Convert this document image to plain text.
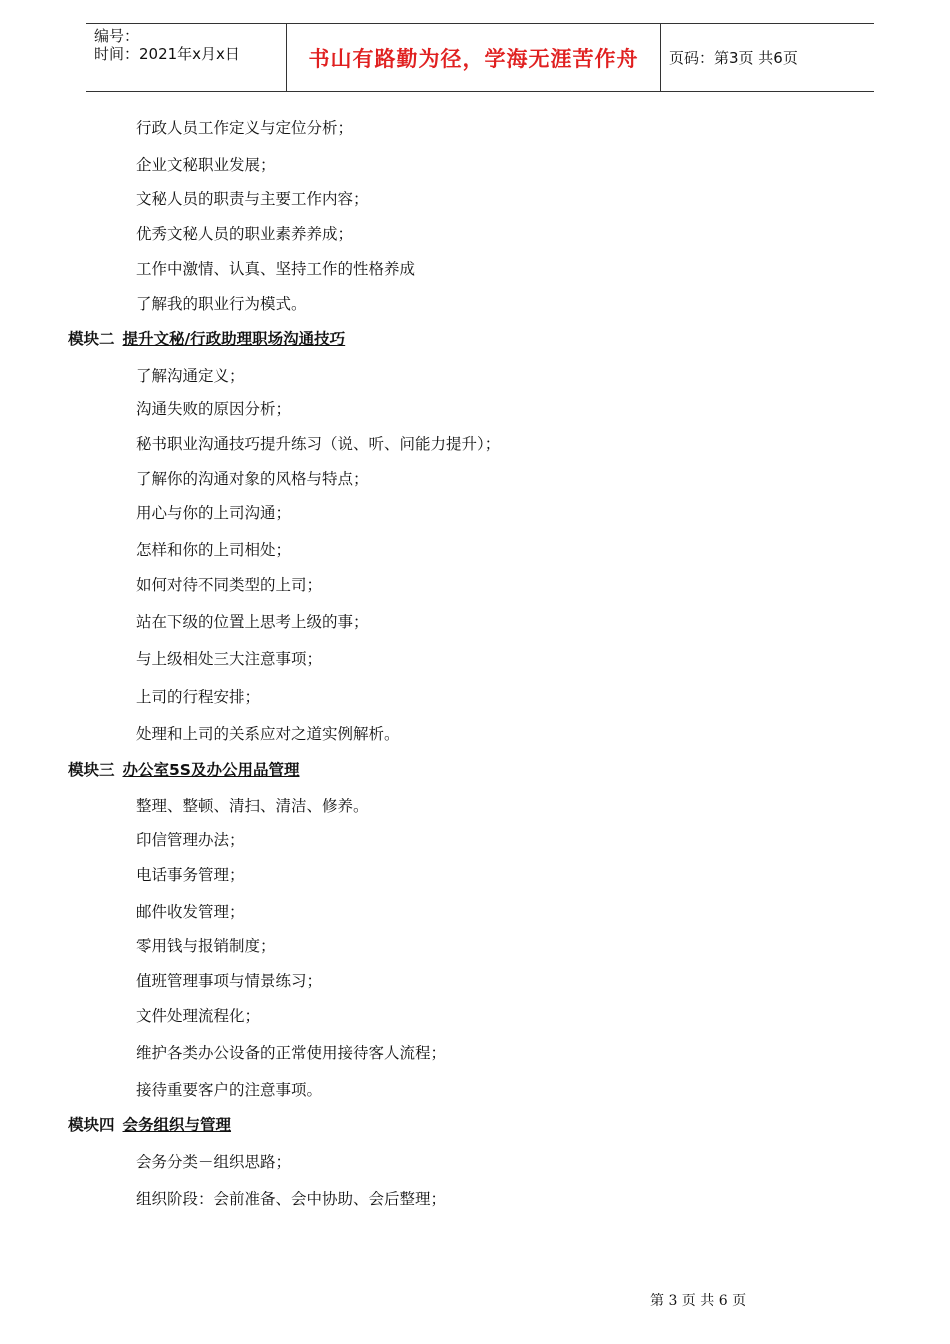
编号：
时间：2021年x月x日	书山有路勤为径，学海无涯苦作舟	页码：第3页 共6页
行政人员工作定义与定位分析；
企业文秘职业发展；
文秘人员的职责与主要工作内容；
优秀文秘人员的职业素养养成；
工作中激情、认真、坚持工作的性格养成
了解我的职业行为模式。
模块二 提升文秘/行政助理职场沟通技巧
了解沟通定义；
沟通失败的原因分析；
秘书职业沟通技巧提升练习（说、听、问能力提升）；
了解你的沟通对象的风格与特点；
用心与你的上司沟通；
怎样和你的上司相处；
如何对待不同类型的上司；
站在下级的位置上思考上级的事；
与上级相处三大注意事项；
上司的行程安排；
处理和上司的关系应对之道实例解析。
模块三 办公室5S及办公用品管理
整理、整顿、清扫、清洁、修养。
印信管理办法；
电话事务管理；
邮件收发管理；
零用钱与报销制度；
值班管理事项与情景练习；
文件处理流程化；
维护各类办公设备的正常使用接待客人流程；
接待重要客户的注意事项。
模块四 会务组织与管理
会务分类－组织思路；
组织阶段：会前准备、会中协助、会后整理；
第 3 页 共 6 页
